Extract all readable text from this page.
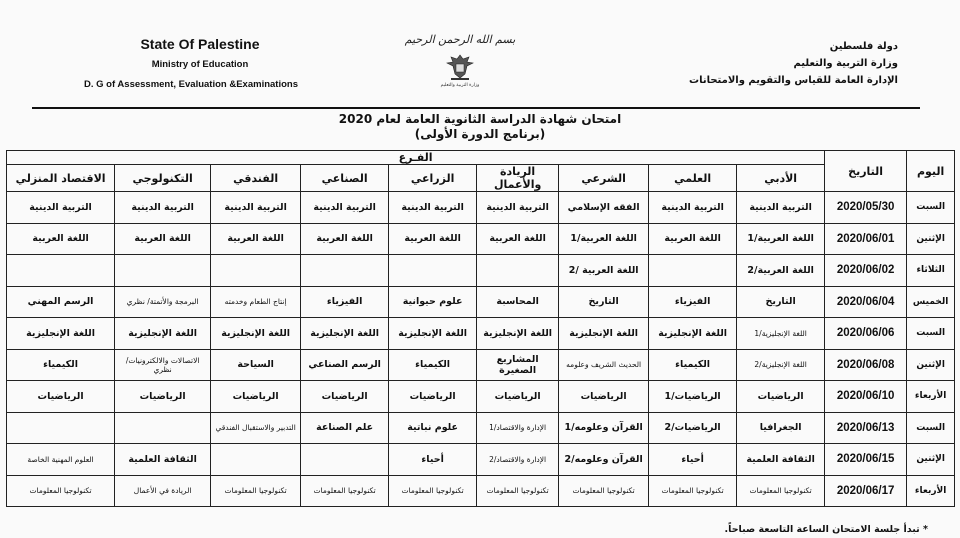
State Of Palestine
Ministry of Education
D. G of Assessment, Evaluation &Examinations
بسم الله الرحمن الرحيم
وزارة التربية والتعليم
دولة فلسطين
وزارة التربية والتعليم
الإدارة العامة للقياس والتقويم والامتحانات
امتحان شهادة الدراسة الثانوية العامة لعام 2020
(برنامج الدورة الأولى)
اليوم	التاريخ	الفـرع								
		الأدبي	العلمي	الشرعي	الريادة والأعمال	الزراعي	الصناعي	الفندقي	التكنولوجي	الاقتصاد المنزلي
السبت	2020/05/30	التربية الدينية	التربية الدينية	الفقه الإسلامي	التربية الدينية	التربية الدينية	التربية الدينية	التربية الدينية	التربية الدينية	التربية الدينية
الإثنين	2020/06/01	اللغة العربية/1	اللغة العربية	اللغة العربية/1	اللغة العربية	اللغة العربية	اللغة العربية	اللغة العربية	اللغة العربية	اللغة العربية
الثلاثاء	2020/06/02	اللغة العربية/2		اللغة العربية /2						
الخميس	2020/06/04	التاريخ	الفيزياء	التاريخ	المحاسبة	علوم حيوانية	الفيزياء	إنتاج الطعام وخدمته	البرمجة والأتمتة/ نظري	الرسم المهني
السبت	2020/06/06	اللغة الإنجليزية/1	اللغة الإنجليزية	اللغة الإنجليزية	اللغة الإنجليزية	اللغة الإنجليزية	اللغة الإنجليزية	اللغة الإنجليزية	اللغة الإنجليزية	اللغة الإنجليزية
الإثنين	2020/06/08	اللغة الإنجليزية/2	الكيمياء	الحديث الشريف وعلومه	المشاريع الصغيرة	الكيمياء	الرسم الصناعي	السياحة	الاتصالات والالكترونيات/ نظري	الكيمياء
الأربعاء	2020/06/10	الرياضيات	الرياضيات/1	الرياضيات	الرياضيات	الرياضيات	الرياضيات	الرياضيات	الرياضيات	الرياضيات
السبت	2020/06/13	الجغرافيا	الرياضيات/2	القرآن وعلومه/1	الإدارة والاقتصاد/1	علوم نباتية	علم الصناعة	التدبير والاستقبال الفندقي		
الإثنين	2020/06/15	الثقافة العلمية	أحياء	القرآن وعلومه/2	الإدارة والاقتصاد/2	أحياء			الثقافة العلمية	العلوم المهنية الخاصة
الأربعاء	2020/06/17	تكنولوجيا المعلومات	تكنولوجيا المعلومات	تكنولوجيا المعلومات	تكنولوجيا المعلومات	تكنولوجيا المعلومات	تكنولوجيا المعلومات	تكنولوجيا المعلومات	الريادة في الأعمال	تكنولوجيا المعلومات
* تبدأ جلسة الامتحان الساعة التاسعة صباحاً.
